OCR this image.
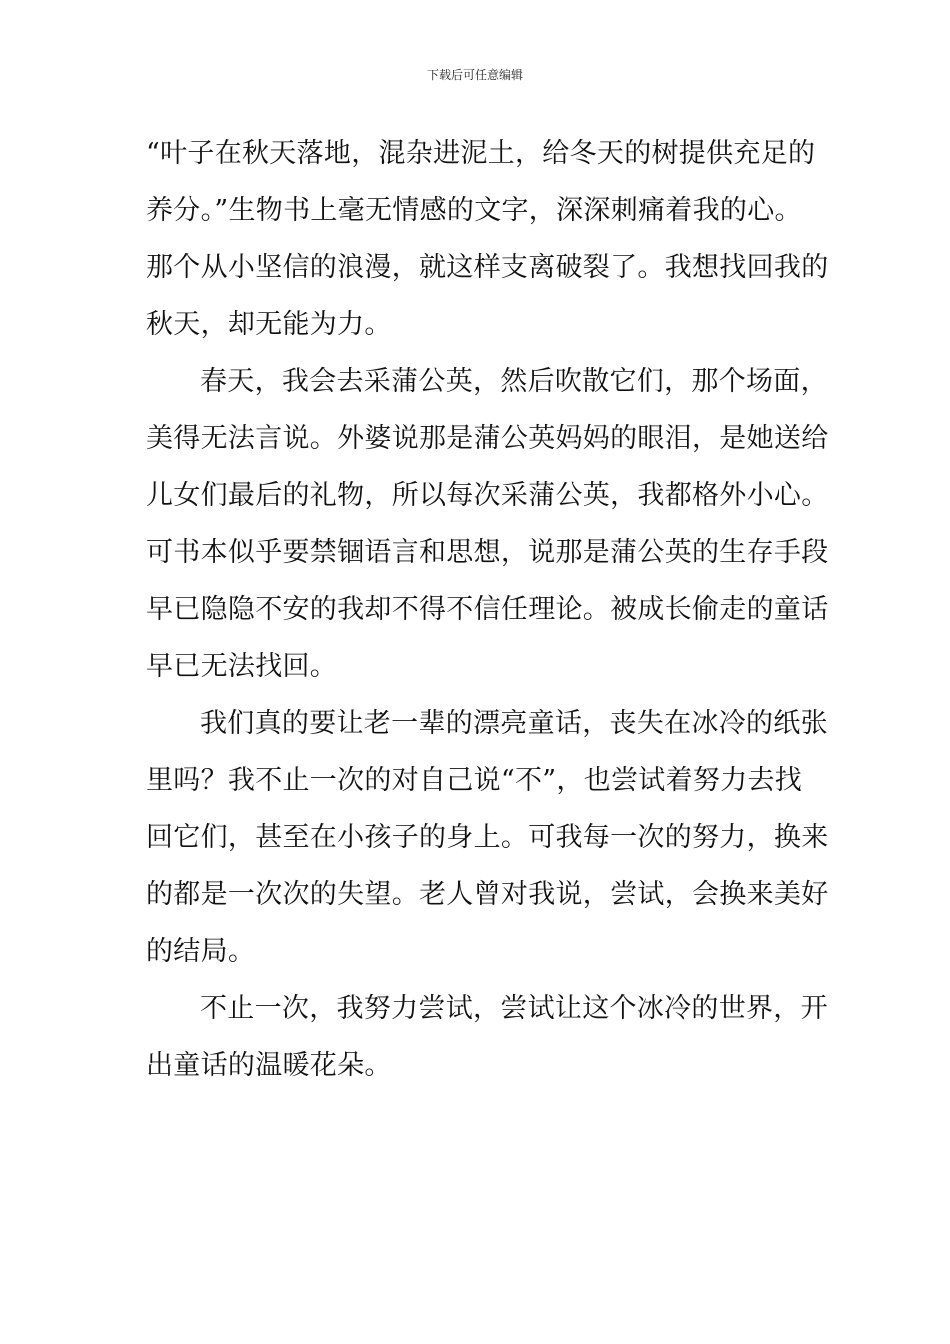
下载后可任意编辑
“叶子在秋天落地，混杂进泥土，给冬天的树提供充足的
养分。”生物书上毫无情感的文字，深深刺痛着我的心。
那个从小坚信的浪漫，就这样支离破裂了。我想找回我的
秋天，却无能为力。
春天，我会去采蒲公英，然后吹散它们，那个场面，
美得无法言说。外婆说那是蒲公英妈妈的眼泪，是她送给
儿女们最后的礼物，所以每次采蒲公英，我都格外小心。
可书本似乎要禁锢语言和思想，说那是蒲公英的生存手段
早已隐隐不安的我却不得不信任理论。被成长偷走的童话
早已无法找回。
我们真的要让老一辈的漂亮童话，丧失在冰冷的纸张
里吗？我不止一次的对自己说“不”，也尝试着努力去找
回它们，甚至在小孩子的身上。可我每一次的努力，换来
的都是一次次的失望。老人曾对我说，尝试，会换来美好
的结局。
不止一次，我努力尝试，尝试让这个冰冷的世界，开
出童话的温暖花朵。
